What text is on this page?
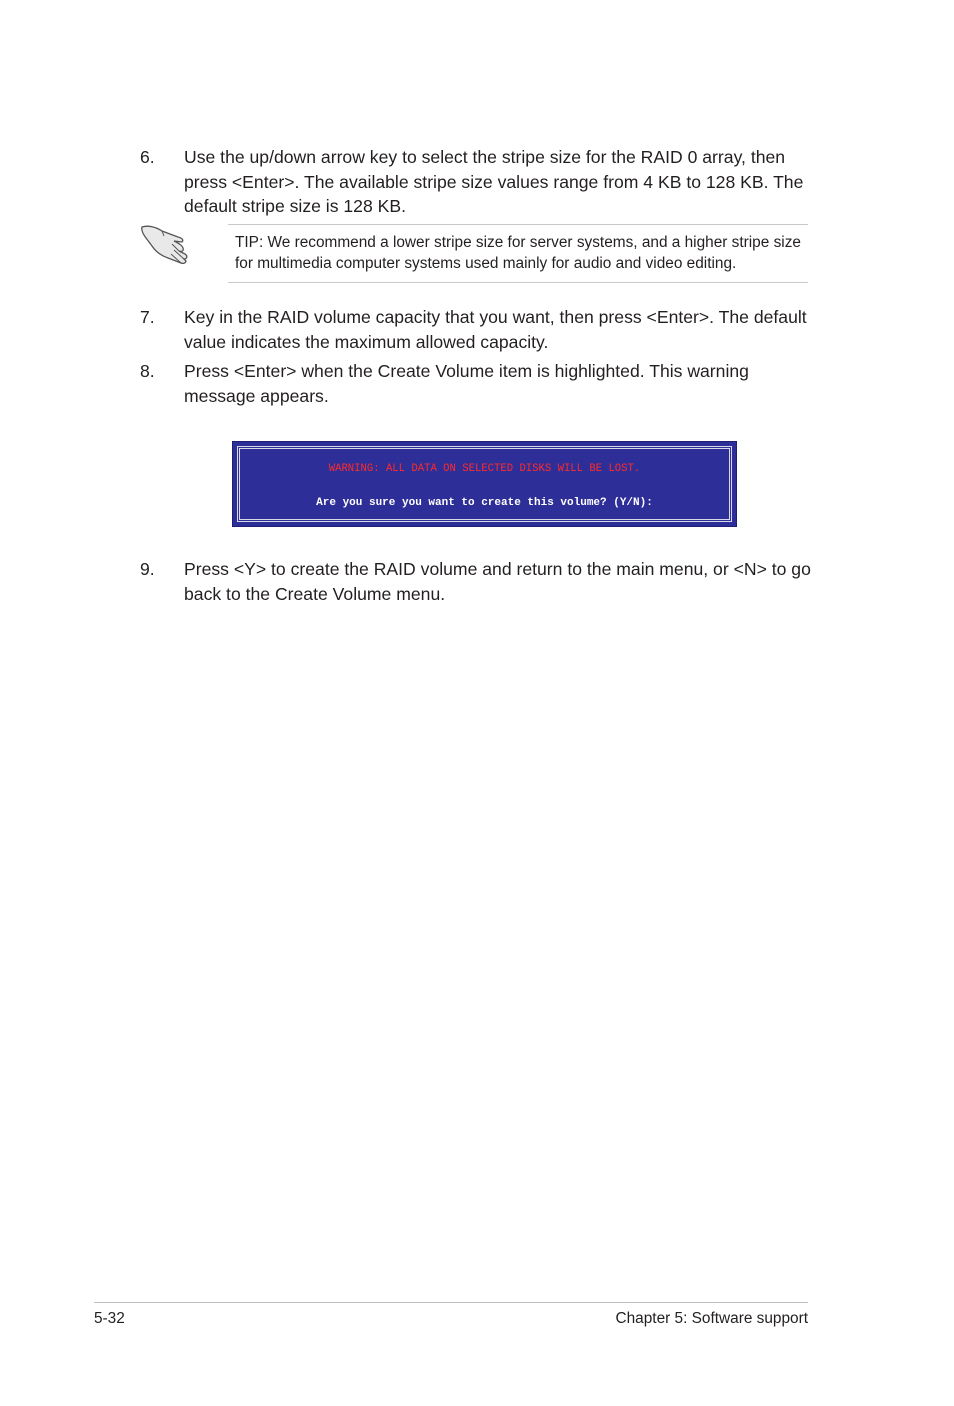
6. Use the up/down arrow key to select the stripe size for the RAID 0 array, then press <Enter>. The available stripe size values range from 4 KB to 128 KB. The default stripe size is 128 KB.
TIP: We recommend a lower stripe size for server systems, and a higher stripe size for multimedia computer systems used mainly for audio and video editing.
7. Key in the RAID volume capacity that you want, then press <Enter>. The default value indicates the maximum allowed capacity.
8. Press <Enter> when the Create Volume item is highlighted. This warning message appears.
WARNING: ALL DATA ON SELECTED DISKS WILL BE LOST.
Are you sure you want to create this volume? (Y/N):
9. Press <Y> to create the RAID volume and return to the main menu, or <N> to go back to the Create Volume menu.
5-32	Chapter 5: Software support
